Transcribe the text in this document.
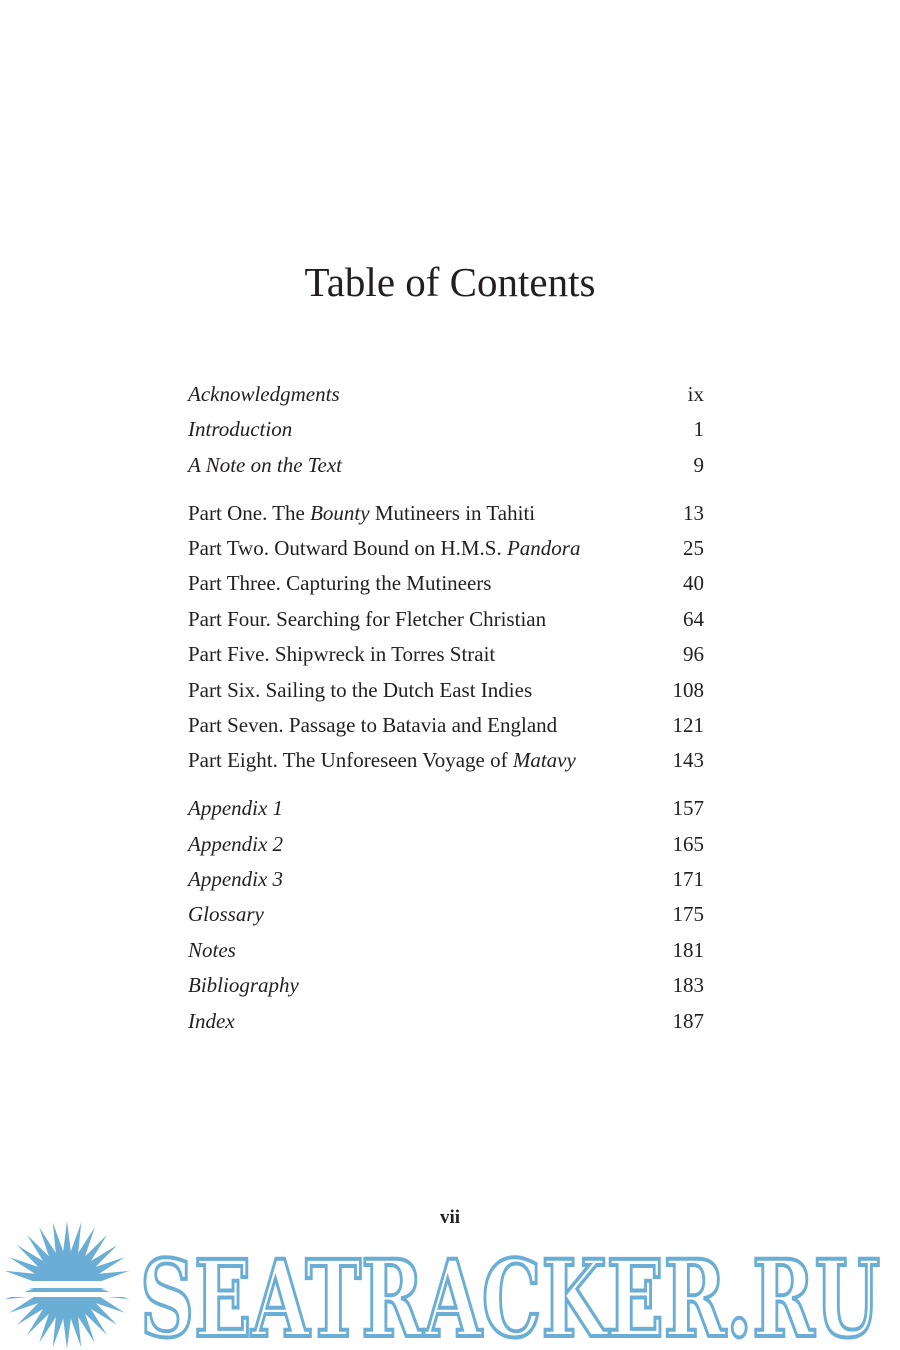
Table of Contents
Acknowledgments	ix
Introduction	1
A Note on the Text	9
Part One. The Bounty Mutineers in Tahiti	13
Part Two. Outward Bound on H.M.S. Pandora	25
Part Three. Capturing the Mutineers	40
Part Four. Searching for Fletcher Christian	64
Part Five. Shipwreck in Torres Strait	96
Part Six. Sailing to the Dutch East Indies	108
Part Seven. Passage to Batavia and England	121
Part Eight. The Unforeseen Voyage of Matavy	143
Appendix 1	157
Appendix 2	165
Appendix 3	171
Glossary	175
Notes	181
Bibliography	183
Index	187
vii
SEATRACKER.RU
